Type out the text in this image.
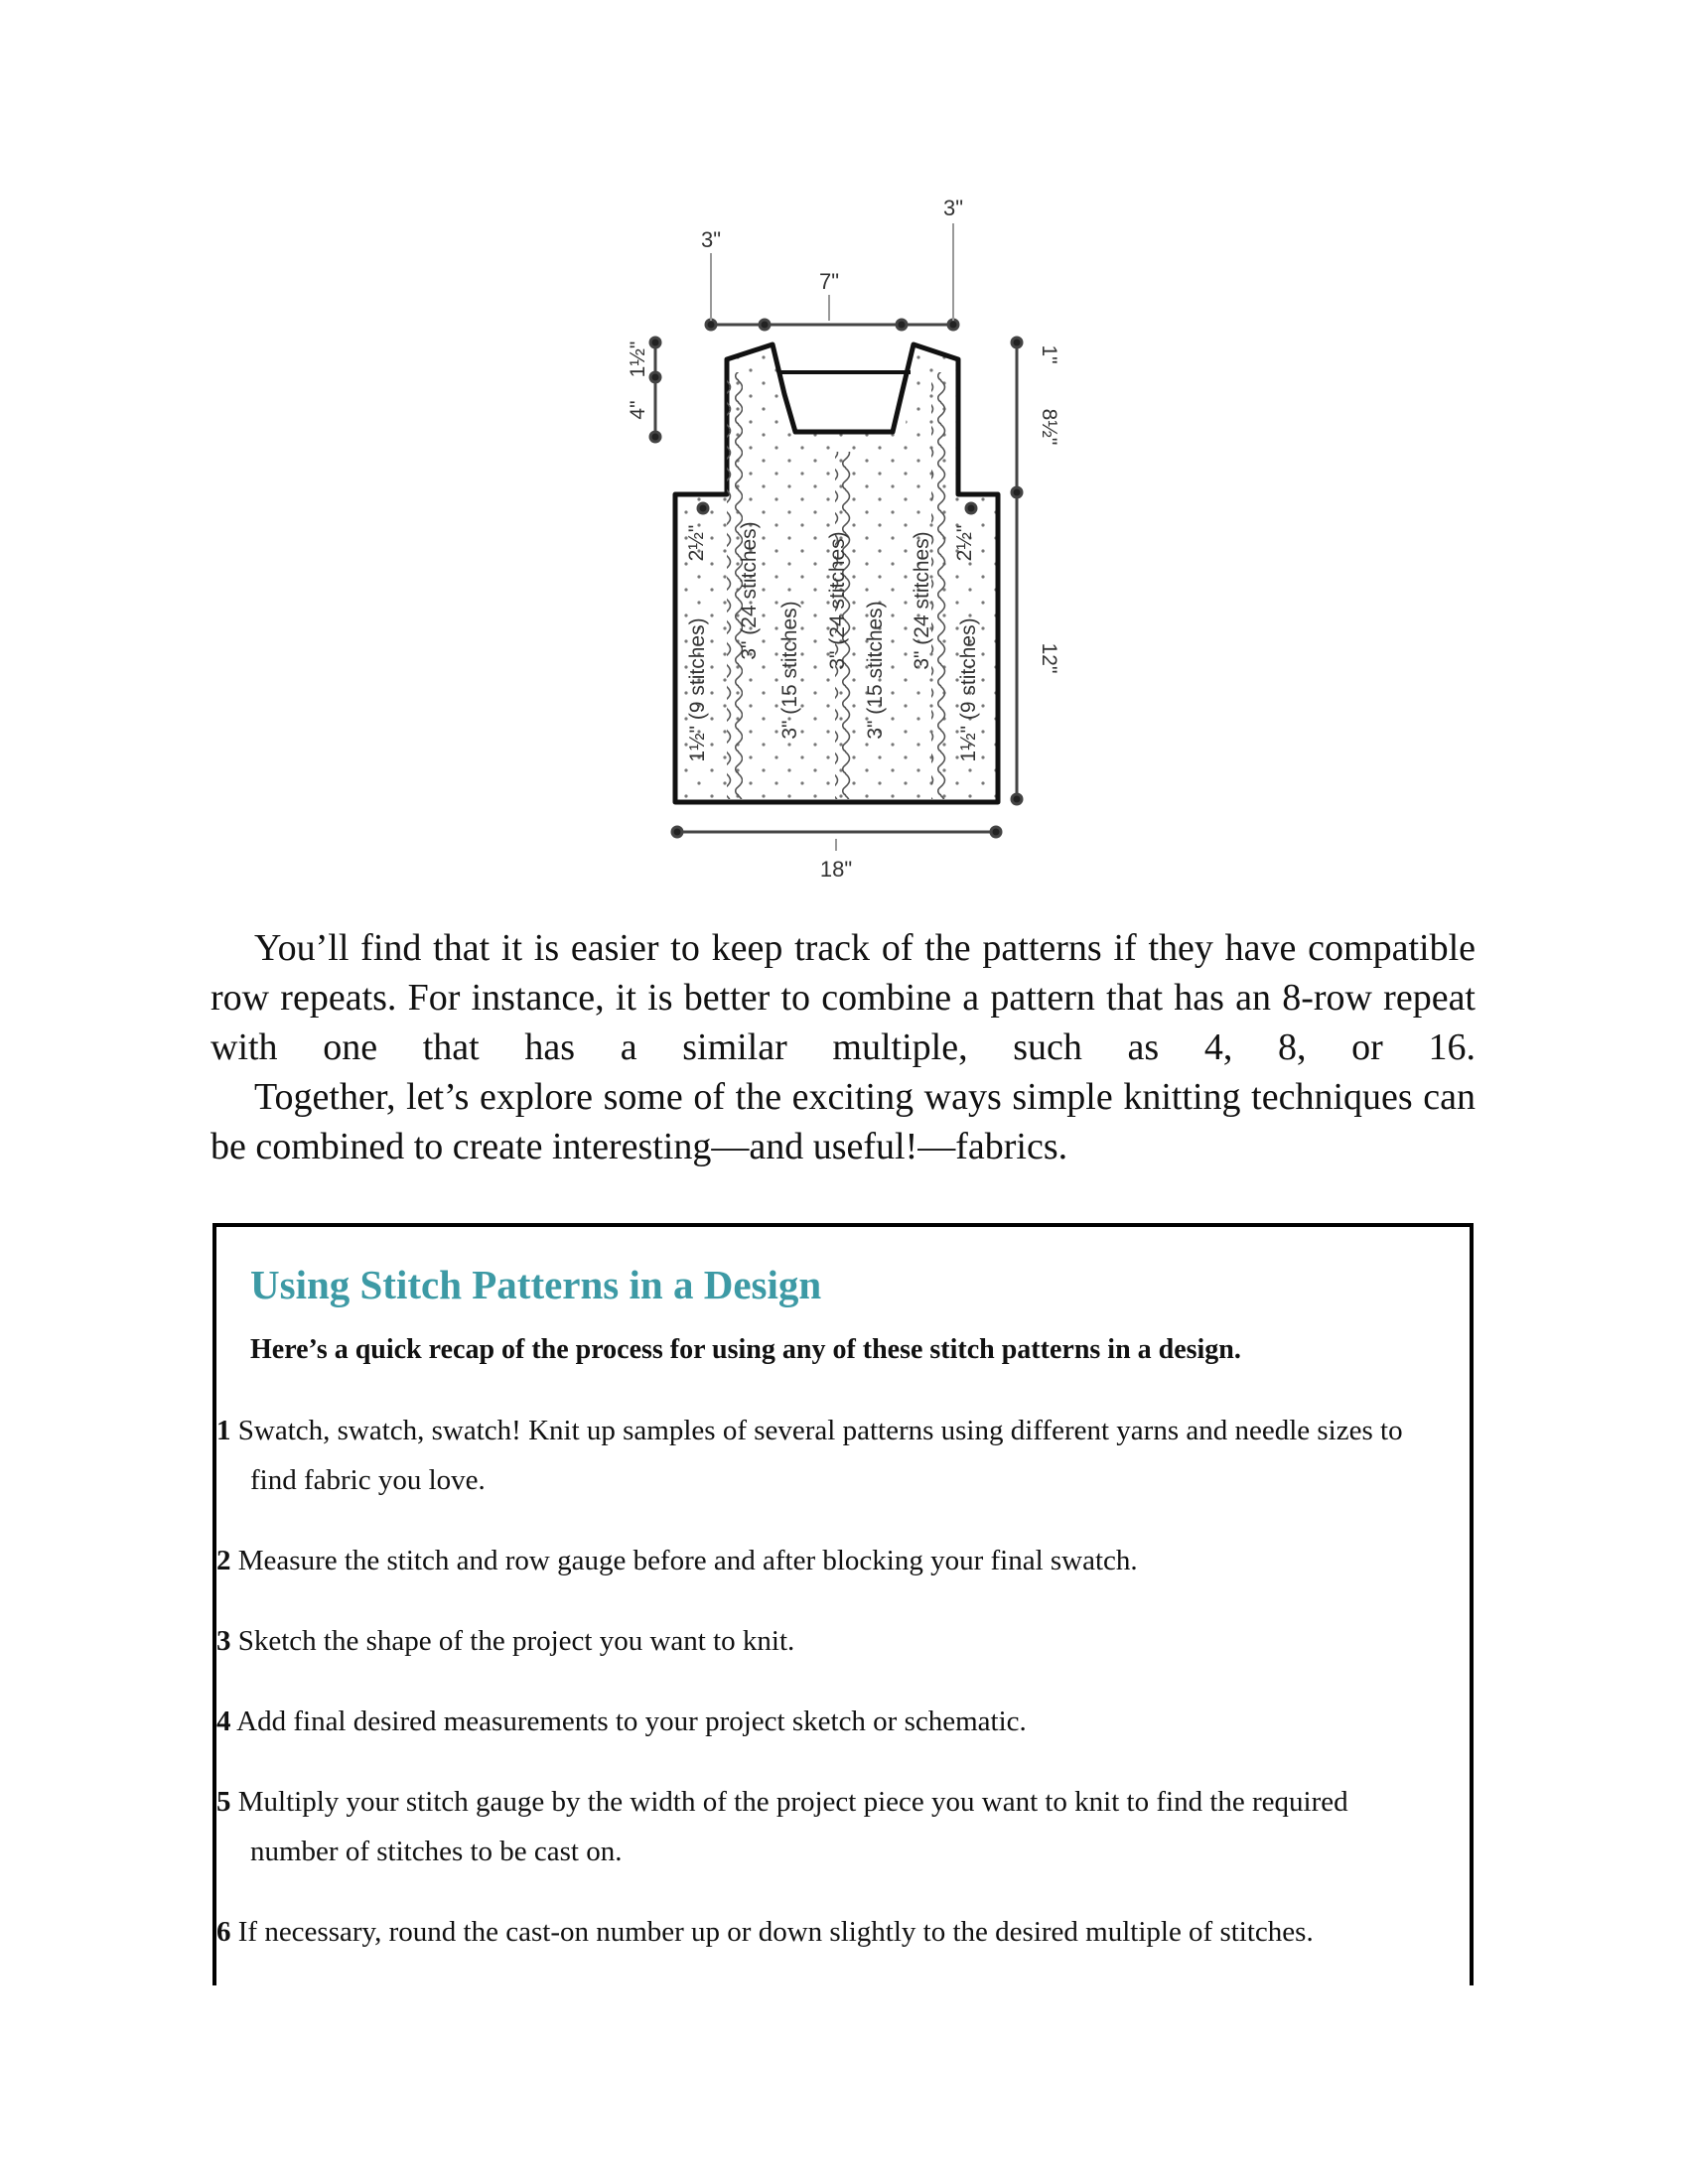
3"
3"
7"
18"
1½"
4"
1"
8½"
12"
2½"	2½"
1½" (9 stitches)
3" (24 stitches)
3" (15 stitches)
3" (24 stitches)
3" (15 stitches)
3" (24 stitches)
1½" (9 stitches)

You’ll find that it is easier to keep track of the patterns if they have compatible row repeats. For instance, it is better to combine a pattern that has an 8-row repeat with one that has a similar multiple, such as 4, 8, or 16.

Together, let’s explore some of the exciting ways simple knitting techniques can be combined to create interesting—and useful!—fabrics.

Using Stitch Patterns in a Design

Here’s a quick recap of the process for using any of these stitch patterns in a design.

1 Swatch, swatch, swatch! Knit up samples of several patterns using different yarns and needle sizes to find fabric you love.
2 Measure the stitch and row gauge before and after blocking your final swatch.
3 Sketch the shape of the project you want to knit.
4 Add final desired measurements to your project sketch or schematic.
5 Multiply your stitch gauge by the width of the project piece you want to knit to find the required number of stitches to be cast on.
6 If necessary, round the cast-on number up or down slightly to the desired multiple of stitches.
